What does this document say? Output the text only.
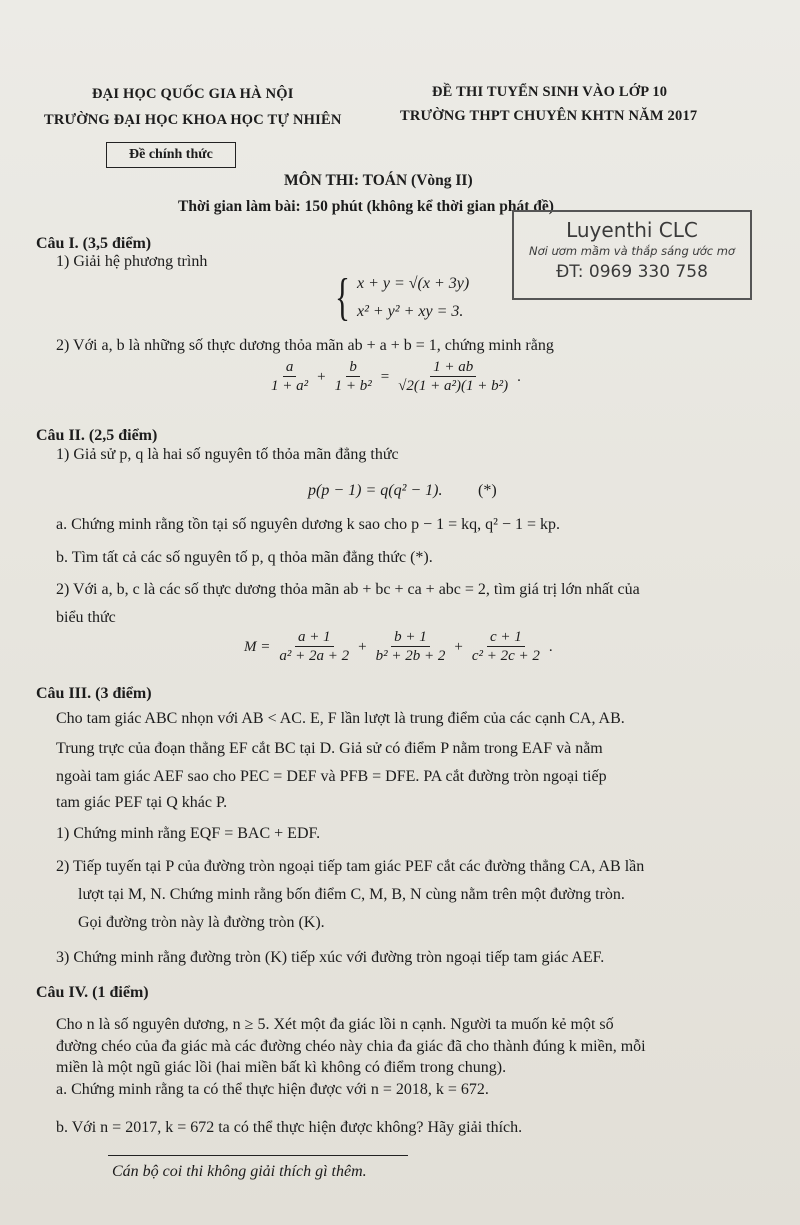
ĐẠI HỌC QUỐC GIA HÀ NỘI
TRƯỜNG ĐẠI HỌC KHOA HỌC TỰ NHIÊN
ĐỀ THI TUYỂN SINH VÀO LỚP 10
TRƯỜNG THPT CHUYÊN KHTN NĂM 2017
Đề chính thức
MÔN THI: TOÁN (Vòng II)
Thời gian làm bài: 150 phút (không kể thời gian phát đề)
Luyenthi CLC
Nơi ươm mầm và thắp sáng ước mơ
ĐT: 0969 330 758
Câu I. (3,5 điểm)
1) Giải hệ phương trình
{ x + y = √(x + 3y)
x² + y² + xy = 3.
2) Với a, b là những số thực dương thỏa mãn ab + a + b = 1, chứng minh rằng
$\frac{a}{\text{1 + a²}} + \frac{b}{\text{1 + b²}} = \frac{1 + ab}{\text{√2(1 + a²)(1 + b²)}}$ .
Câu II. (2,5 điểm)
1) Giả sử p, q là hai số nguyên tố thỏa mãn đẳng thức
p(p − 1) = q(q² − 1). (*)
a. Chứng minh rằng tồn tại số nguyên dương k sao cho p − 1 = kq, q² − 1 = kp.
b. Tìm tất cả các số nguyên tố p, q thỏa mãn đẳng thức (*).
2) Với a, b, c là các số thực dương thỏa mãn ab + bc + ca + abc = 2, tìm giá trị lớn nhất của
biểu thức
$M = \frac{a + 1}{\text{a² + 2a + 2}} + \frac{b + 1}{\text{b² + 2b + 2}} + \frac{c + 1}{\text{c² + 2c + 2}}$ .
Câu III. (3 điểm)
Cho tam giác ABC nhọn với AB < AC. E, F lần lượt là trung điểm của các cạnh CA, AB.
Trung trực của đoạn thẳng EF cắt BC tại D. Giả sử có điểm P nằm trong EAF và nằm
ngoài tam giác AEF sao cho PEC = DEF và PFB = DFE. PA cắt đường tròn ngoại tiếp
tam giác PEF tại Q khác P.
1) Chứng minh rằng EQF = BAC + EDF.
2) Tiếp tuyến tại P của đường tròn ngoại tiếp tam giác PEF cắt các đường thẳng CA, AB lần
lượt tại M, N. Chứng minh rằng bốn điểm C, M, B, N cùng nằm trên một đường tròn.
Gọi đường tròn này là đường tròn (K).
3) Chứng minh rằng đường tròn (K) tiếp xúc với đường tròn ngoại tiếp tam giác AEF.
Câu IV. (1 điểm)
Cho n là số nguyên dương, n ≥ 5. Xét một đa giác lồi n cạnh. Người ta muốn kẻ một số
đường chéo của đa giác mà các đường chéo này chia đa giác đã cho thành đúng k miền, mỗi
miền là một ngũ giác lồi (hai miền bất kì không có điểm trong chung).
a. Chứng minh rằng ta có thể thực hiện được với n = 2018, k = 672.
b. Với n = 2017, k = 672 ta có thể thực hiện được không? Hãy giải thích.
Cán bộ coi thi không giải thích gì thêm.
